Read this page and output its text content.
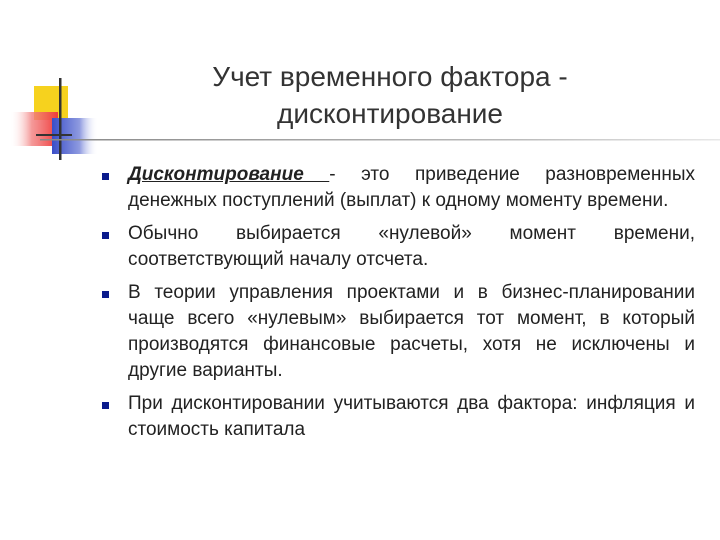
Учет временного фактора -
дисконтирование
Дисконтирование - это приведение разновременных денежных поступлений (выплат) к одному моменту времени.
Обычно выбирается «нулевой» момент времени, соответствующий началу отсчета.
В теории управления проектами и в бизнес-планировании чаще всего «нулевым» выбирается тот момент, в который производятся финансовые расчеты, хотя не исключены и другие варианты.
При дисконтировании учитываются два фактора: инфляция и стоимость капитала
